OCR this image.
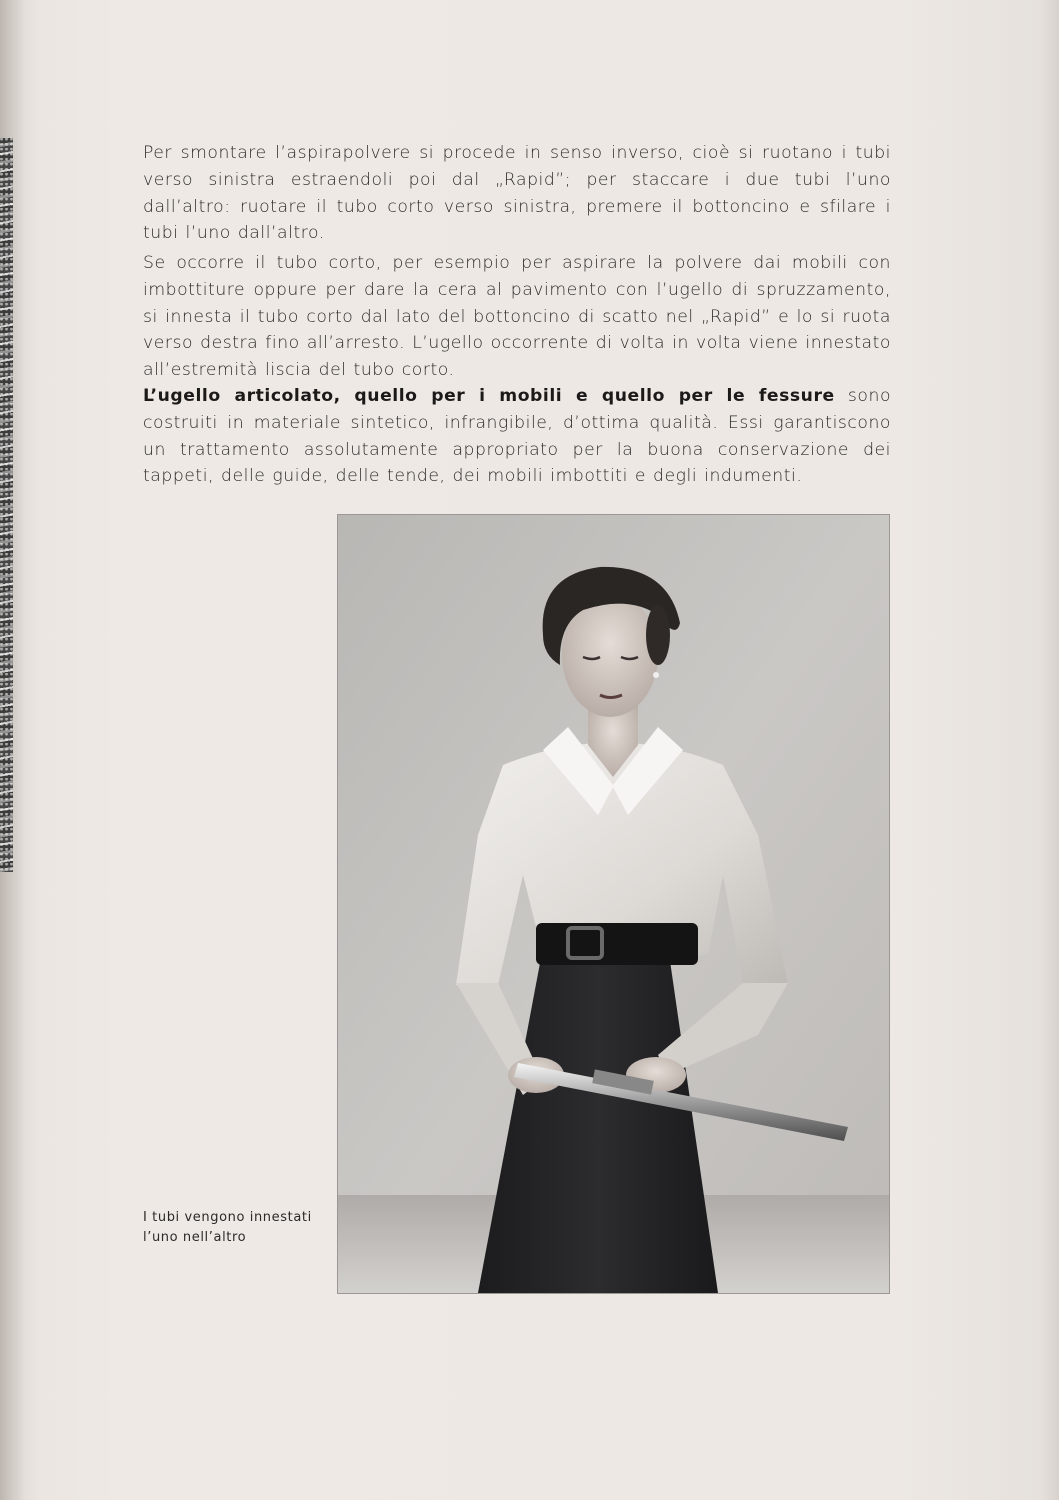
Per smontare l’aspirapolvere si procede in senso inverso, cioè si ruotano i tubi verso sinistra estraendoli poi dal „Rapid”; per staccare i due tubi l’uno dall’altro: ruotare il tubo corto verso sinistra, premere il bottoncino e sfilare i tubi l’uno dall’altro.

Se occorre il tubo corto, per esempio per aspirare la polvere dai mobili con imbottiture oppure per dare la cera al pavimento con l’ugello di spruzzamento, si innesta il tubo corto dal lato del bottoncino di scatto nel „Rapid” e lo si ruota verso destra fino all’arresto. L’ugello occorrente di volta in volta viene innestato all’estremità liscia del tubo corto.

L’ugello articolato, quello per i mobili e quello per le fessure sono costruiti in materiale sintetico, infrangibile, d’ottima qualità. Essi garantiscono un trattamento assolutamente appropriato per la buona conservazione dei tappeti, delle guide, delle tende, dei mobili imbottiti e degli indumenti.

I tubi vengono innestati
l’uno nell’altro
